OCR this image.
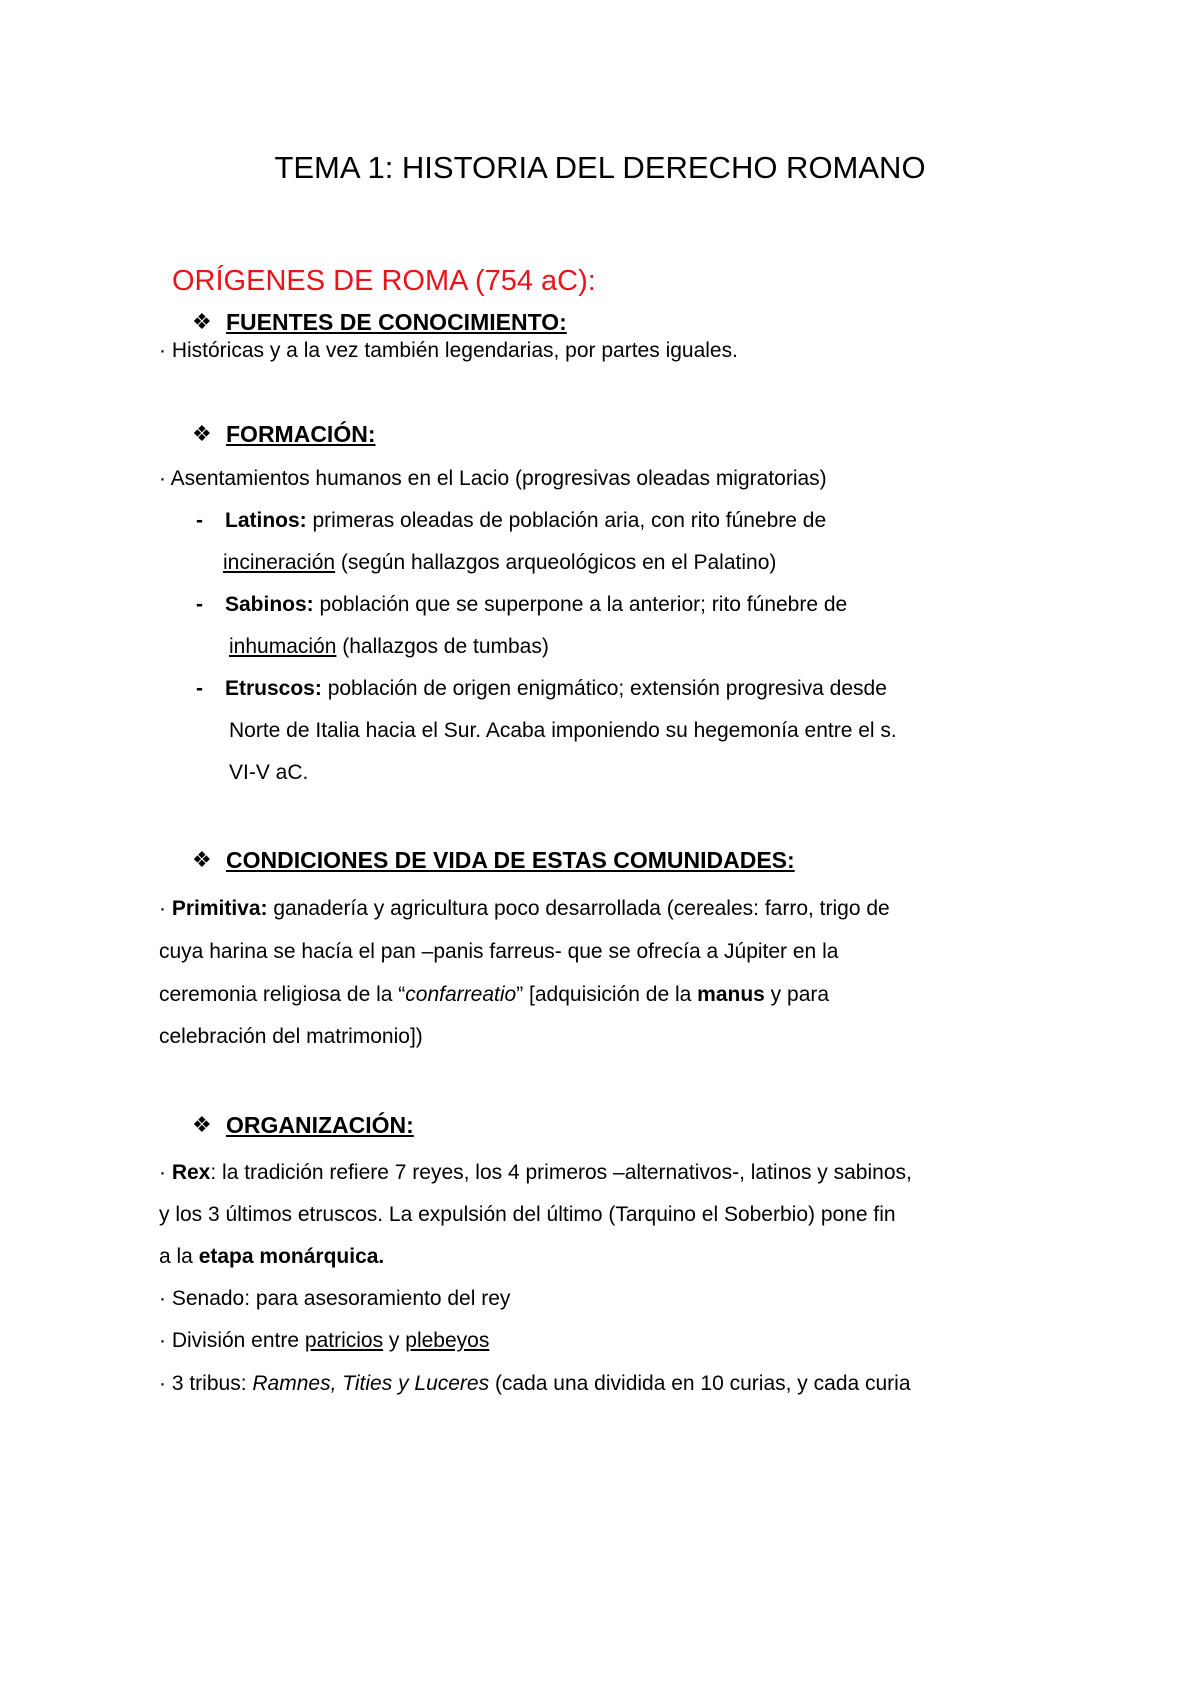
TEMA 1: HISTORIA DEL DERECHO ROMANO
ORÍGENES DE ROMA (754 aC):
❖ FUENTES DE CONOCIMIENTO:
· Históricas y a la vez también legendarias, por partes iguales.
❖ FORMACIÓN:
· Asentamientos humanos en el Lacio (progresivas oleadas migratorias)
- Latinos: primeras oleadas de población aria, con rito fúnebre de
incineración (según hallazgos arqueológicos en el Palatino)
- Sabinos: población que se superpone a la anterior; rito fúnebre de
inhumación (hallazgos de tumbas)
- Etruscos: población de origen enigmático; extensión progresiva desde
Norte de Italia hacia el Sur. Acaba imponiendo su hegemonía entre el s.
VI-V aC.
❖ CONDICIONES DE VIDA DE ESTAS COMUNIDADES:
· Primitiva: ganadería y agricultura poco desarrollada (cereales: farro, trigo de
cuya harina se hacía el pan –panis farreus- que se ofrecía a Júpiter en la
ceremonia religiosa de la “confarreatio” [adquisición de la manus y para
celebración del matrimonio])
❖ ORGANIZACIÓN:
· Rex: la tradición refiere 7 reyes, los 4 primeros –alternativos-, latinos y sabinos,
y los 3 últimos etruscos. La expulsión del último (Tarquino el Soberbio) pone fin
a la etapa monárquica.
· Senado: para asesoramiento del rey
· División entre patricios y plebeyos
· 3 tribus: Ramnes, Tities y Luceres (cada una dividida en 10 curias, y cada curia
